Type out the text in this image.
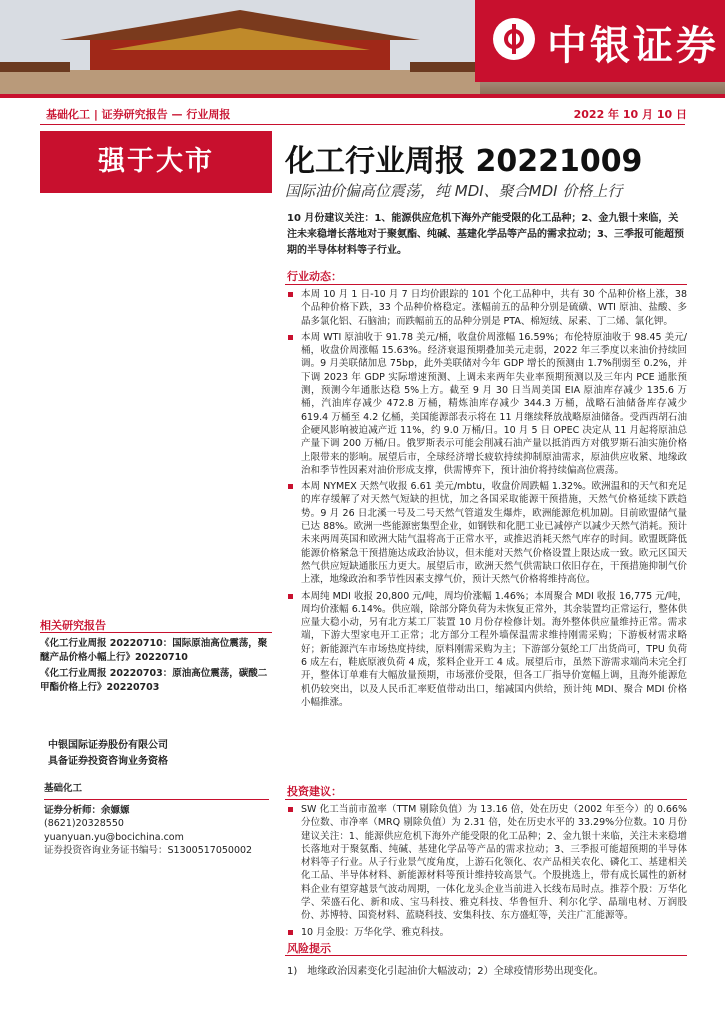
中银证券
基础化工 | 证券研究报告 — 行业周报	2022 年 10 月 10 日
强于大市	化工行业周报 20221009
国际油价偏高位震荡，纯 MDI、聚合MDI 价格上行
10 月份建议关注：1、能源供应危机下海外产能受限的化工品种；2、金九银十来临，关注未来稳增长落地对于聚氨酯、纯碱、基建化学品等产品的需求拉动；3、三季报可能超预期的半导体材料等子行业。
行业动态：
本周 10 月 1 日-10 月 7 日均价跟踪的 101 个化工品种中，共有 30 个品种价格上涨，38 个品种价格下跌，33 个品种价格稳定。涨幅前五的品种分别是硫磺、WTI 原油、盐酸、多晶多氯化铝、石脑油；而跌幅前五的品种分别是 PTA、棉短绒、尿素、丁二烯、氯化钾。
本周 WTI 原油收于 91.78 美元/桶，收盘价周涨幅 16.59%；布伦特原油收于 98.45 美元/桶，收盘价周涨幅 15.63%。经济衰退预期叠加美元走弱，2022 年三季度以来油价持续回调。9 月美联储加息 75bp，此外美联储对今年 GDP 增长的预测由 1.7%削弱至 0.2%，并下调 2023 年 GDP 实际增速预测、上调未来两年失业率预期预测以及三年内 PCE 通胀预测，预测今年通胀达稳 5%上方。截至 9 月 30 日当周美国 EIA 原油库存减少 135.6 万桶，汽油库存减少 472.8 万桶，精炼油库存减少 344.3 万桶，战略石油储备库存减少 619.4 万桶至 4.2 亿桶，美国能源部表示将在 11 月继续释放战略原油储备。受西西胡石油企硬风影响被迫减产近 11%，约 9.0 万桶/日。10 月 5 日 OPEC 决定从 11 月起将原油总产量下调 200 万桶/日。俄罗斯表示可能会削减石油产量以抵消西方对俄罗斯石油实施价格上限带来的影响。展望后市，全球经济增长疲软持续抑制原油需求，原油供应收紧、地缘政治和季节性因素对油价形成支撑，供需博弈下，预计油价将持续偏高位震荡。
本周 NYMEX 天然气收报 6.61 美元/mbtu，收盘价周跌幅 1.32%。欧洲温和的天气和充足的库存缓解了对天然气短缺的担忧，加之各国采取能源干预措施，天然气价格延续下跌趋势。9 月 26 日北溪一号及二号天然气管道发生爆炸，欧洲能源危机加剧。目前欧盟储气量已达 88%。欧洲一些能源密集型企业，如钢铁和化肥工业已减停产以减少天然气消耗。预计未来两周英国和欧洲大陆气温将高于正常水平，或推迟消耗天然气库存的时间。欧盟既降低能源价格紧急干预措施达成政治协议，但未能对天然气价格设置上限达成一致。欧元区国天然气供应短缺通胀压力更大。展望后市，欧洲天然气供需缺口依旧存在，干预措施抑制气价上涨，地缘政治和季节性因素支撑气价，预计天然气价格将维持高位。
本周纯 MDI 收报 20,800 元/吨，周均价涨幅 1.46%；本周聚合 MDI 收报 16,775 元/吨，周均价涨幅 6.14%。供应端，除部分降负荷为未恢复正常外，其余装置均正常运行，整体供应量大稳小动，另有北方某工厂装置 10 月份存检修计划。海外整体供应量维持正常。需求端，下游大型家电开工正常；北方部分工程外墙保温需求维持刚需采购；下游板材需求略好；新能源汽车市场热度持续，原料刚需采购为主；下游部分氨纶工厂出货尚可，TPU 负荷 6 成左右，鞋底原液负荷 4 成，浆料企业开工 4 成。展望后市，虽然下游需求端尚未完全打开，整体订单难有大幅放量预期，市场涨价受限，但各工厂指导价宽幅上调，且海外能源危机仍较突出，以及人民币汇率贬值带动出口，缩减国内供给，预计纯 MDI、聚合 MDI 价格小幅推涨。
投资建议：
SW 化工当前市盈率（TTM 剔除负值）为 13.16 倍，处在历史（2002 年至今）的 0.66%分位数、市净率（MRQ 剔除负值）为 2.31 倍，处在历史水平的 33.29%分位数。10 月份建议关注：1、能源供应危机下海外产能受限的化工品种；2、金九银十来临，关注未来稳增长落地对于聚氨酯、纯碱、基建化学品等产品的需求拉动；3、三季报可能超预期的半导体材料等子行业。从子行业景气度角度，上游石化领化、农产品相关农化、磷化工、基建相关化工品、半导体材料、新能源材料等预计维持较高景气。个股挑选上，带有成长属性的新材料企业有望穿越景气波动周期，一体化龙头企业当前进入长线布局时点。推荐个股：万华化学、荣盛石化、新和成、宝马科技、雅克科技、华鲁恒升、利尔化学、晶瑞电材、万润股份、苏博特、国瓷材料、蓝晓科技、安集科技、东方盛虹等，关注广汇能源等。
10 月金股：万华化学、雅克科技。
风险提示
1)　地缘政治因素变化引起油价大幅波动；2）全球疫情形势出现变化。
相关研究报告
《化工行业周报 20220710：国际原油高位震荡，聚醚产品价格小幅上行》20220710
《化工行业周报 20220703：原油高位震荡，碳酸二甲酯价格上行》20220703
中银国际证券股份有限公司
具备证券投资咨询业务资格
基础化工
证券分析师：余嫄嫄
(8621)20328550
yuanyuan.yu@bocichina.com
证券投资咨询业务证书编号：S1300517050002
